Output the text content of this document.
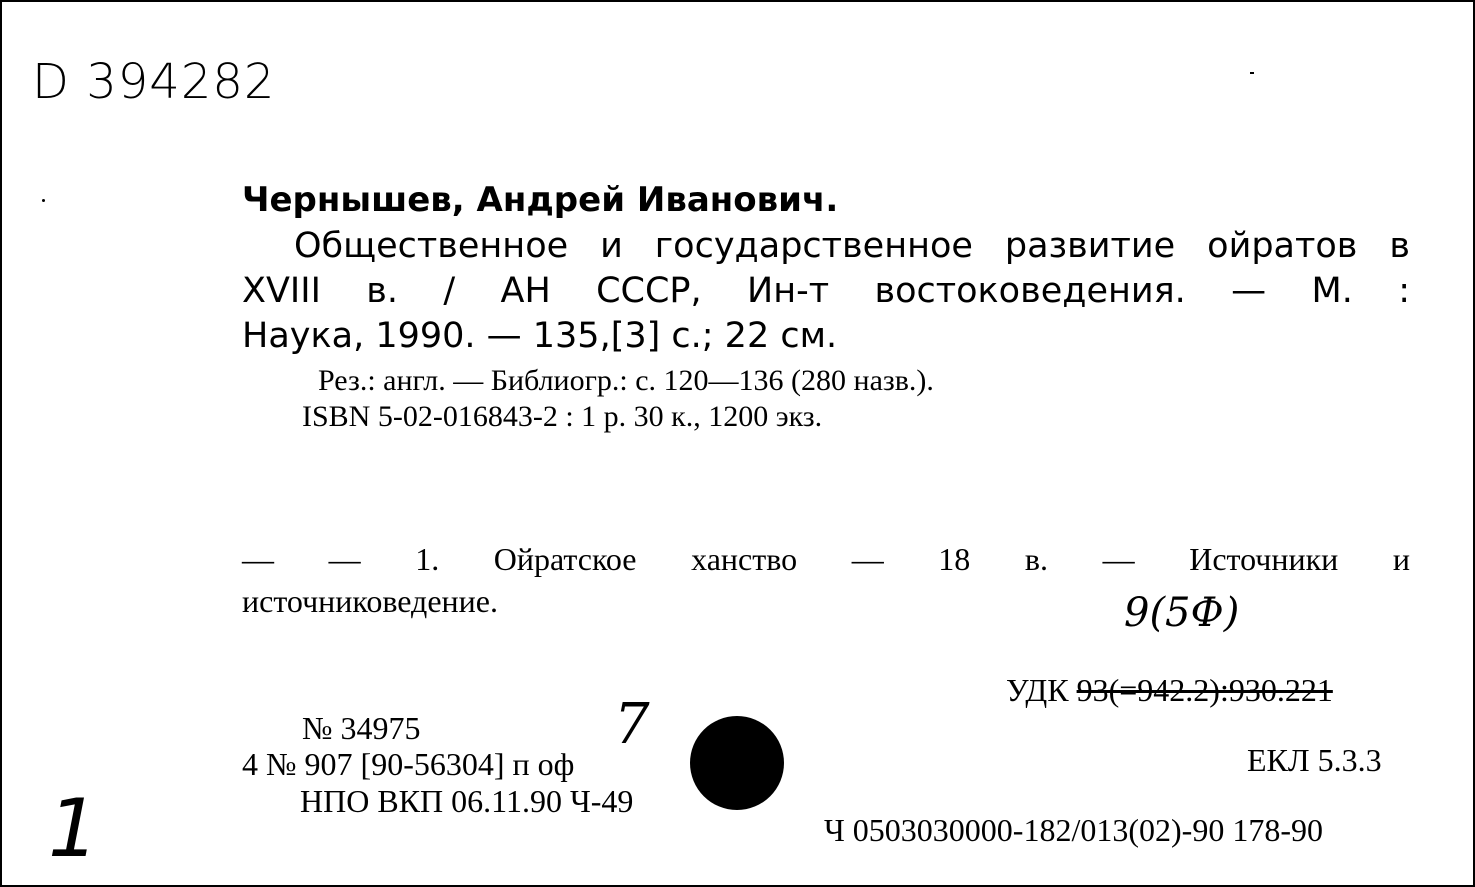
D 394282
Чернышев, Андрей Иванович.
Общественное и государственное развитие ойратов в
XVIII в. / АН СССР, Ин-т востоковедения. — М. :
Наука, 1990. — 135,[3] с.; 22 см.
Рез.: англ. — Библиогр.: с. 120—136 (280 назв.).
ISBN 5-02-016843-2 : 1 р. 30 к., 1200 экз.
— — 1. Ойратское ханство — 18 в. — Источники и
источниковедение.	9(5Ф)
УДК 93(=942.2):930.221
ЕКЛ 5.3.3
Ч 0503030000-182/013(02)-90 178-90
№ 34975
4 № 907 [90-56304] п оф
НПО ВКП 06.11.90 Ч-49
7
1
